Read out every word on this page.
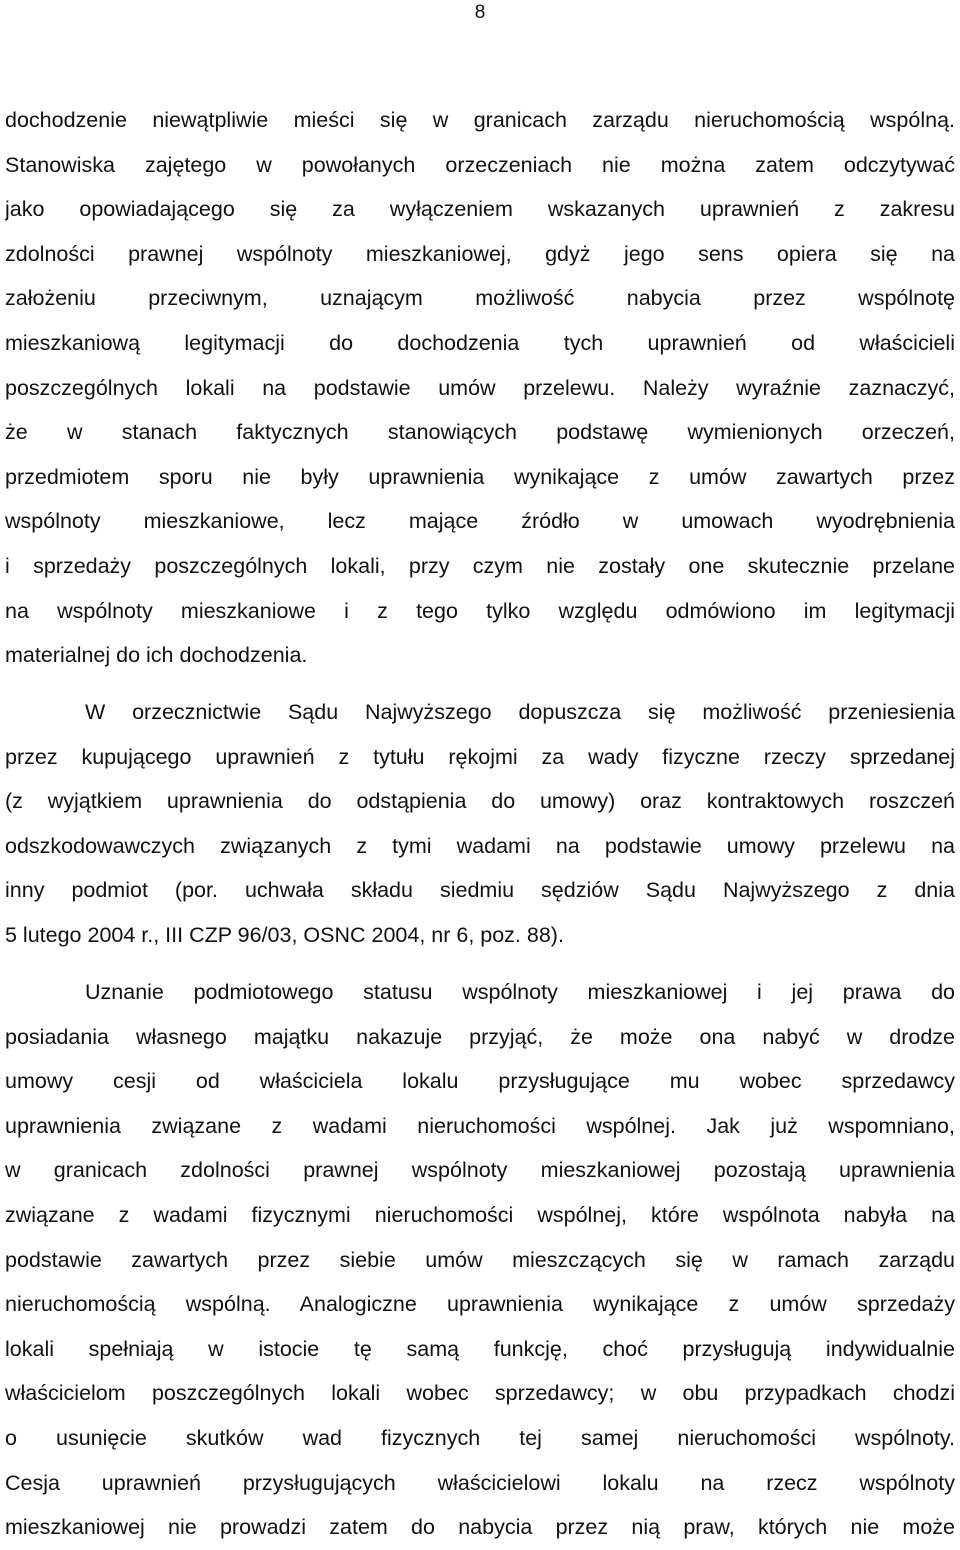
8

dochodzenie niewątpliwie mieści się w granicach zarządu nieruchomością wspólną.
Stanowiska zajętego w powołanych orzeczeniach nie można zatem odczytywać
jako opowiadającego się za wyłączeniem wskazanych uprawnień z zakresu
zdolności prawnej wspólnoty mieszkaniowej, gdyż jego sens opiera się na
założeniu przeciwnym, uznającym możliwość nabycia przez wspólnotę
mieszkaniową legitymacji do dochodzenia tych uprawnień od właścicieli
poszczególnych lokali na podstawie umów przelewu. Należy wyraźnie zaznaczyć,
że w stanach faktycznych stanowiących podstawę wymienionych orzeczeń,
przedmiotem sporu nie były uprawnienia wynikające z umów zawartych przez
wspólnoty mieszkaniowe, lecz mające źródło w umowach wyodrębnienia
i sprzedaży poszczególnych lokali, przy czym nie zostały one skutecznie przelane
na wspólnoty mieszkaniowe i z tego tylko względu odmówiono im legitymacji
materialnej do ich dochodzenia.

W orzecznictwie Sądu Najwyższego dopuszcza się możliwość przeniesienia
przez kupującego uprawnień z tytułu rękojmi za wady fizyczne rzeczy sprzedanej
(z wyjątkiem uprawnienia do odstąpienia do umowy) oraz kontraktowych roszczeń
odszkodowawczych związanych z tymi wadami na podstawie umowy przelewu na
inny podmiot (por. uchwała składu siedmiu sędziów Sądu Najwyższego z dnia
5 lutego 2004 r., III CZP 96/03, OSNC 2004, nr 6, poz. 88).

Uznanie podmiotowego statusu wspólnoty mieszkaniowej i jej prawa do
posiadania własnego majątku nakazuje przyjąć, że może ona nabyć w drodze
umowy cesji od właściciela lokalu przysługujące mu wobec sprzedawcy
uprawnienia związane z wadami nieruchomości wspólnej. Jak już wspomniano,
w granicach zdolności prawnej wspólnoty mieszkaniowej pozostają uprawnienia
związane z wadami fizycznymi nieruchomości wspólnej, które wspólnota nabyła na
podstawie zawartych przez siebie umów mieszczących się w ramach zarządu
nieruchomością wspólną. Analogiczne uprawnienia wynikające z umów sprzedaży
lokali spełniają w istocie tę samą funkcję, choć przysługują indywidualnie
właścicielom poszczególnych lokali wobec sprzedawcy; w obu przypadkach chodzi
o usunięcie skutków wad fizycznych tej samej nieruchomości wspólnoty.
Cesja uprawnień przysługujących właścicielowi lokalu na rzecz wspólnoty
mieszkaniowej nie prowadzi zatem do nabycia przez nią praw, których nie może
